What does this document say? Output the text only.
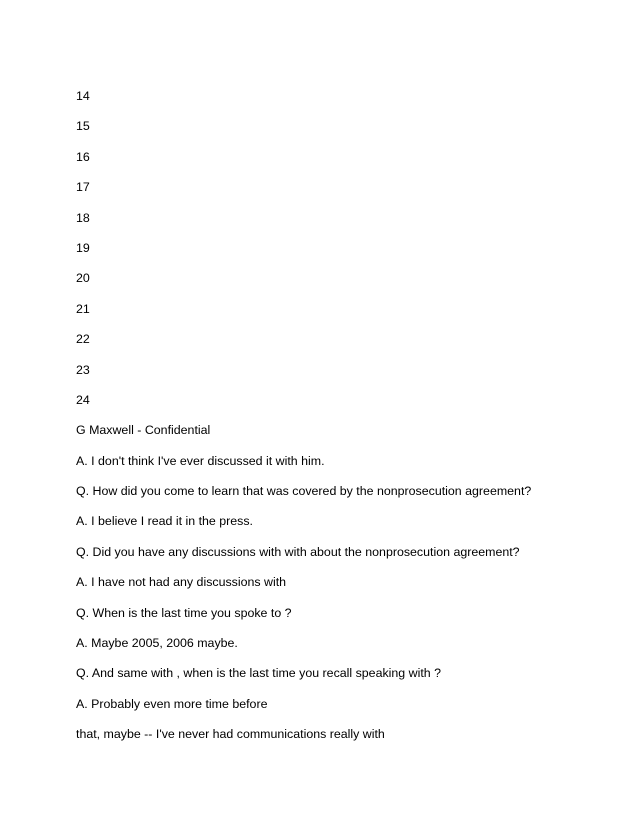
14

15

16

17

18

19

20

21

22

23

24

G Maxwell - Confidential

A. I don't think I've ever discussed it with him.

Q. How did you come to learn that was covered by the nonprosecution agreement?

A. I believe I read it in the press.

Q. Did you have any discussions with with about the nonprosecution agreement?

A. I have not had any discussions with

Q. When is the last time you spoke to ?

A. Maybe 2005, 2006 maybe.

Q. And same with , when is the last time you recall speaking with ?

A. Probably even more time before

that, maybe -- I've never had communications really with
